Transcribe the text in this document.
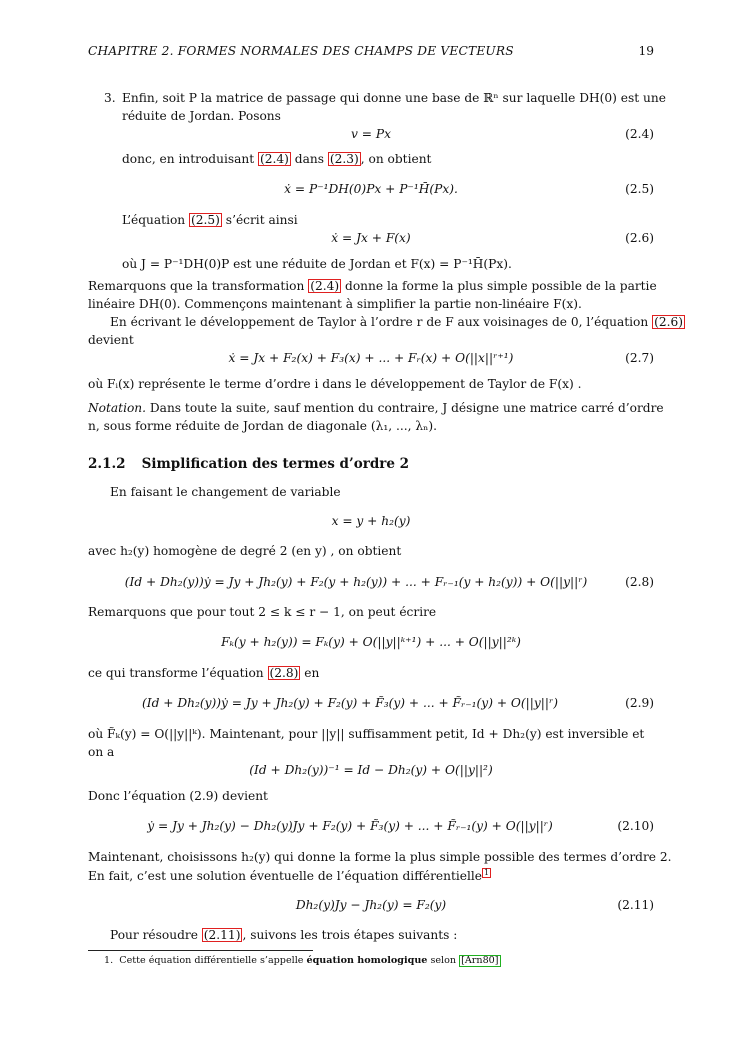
CHAPITRE 2. FORMES NORMALES DES CHAMPS DE VECTEURS	19
3. Enfin, soit P la matrice de passage qui donne une base de ℝⁿ sur laquelle DH(0) est une
réduite de Jordan. Posons
v = Px	(2.4)
donc, en introduisant (2.4) dans (2.3) , on obtient
ẋ = P⁻¹DH(0)Px + P⁻¹H̄(Px).	(2.5)
L’équation (2.5) s’écrit ainsi
ẋ = Jx + F(x)	(2.6)
où J = P⁻¹DH(0)P est une réduite de Jordan et F(x) = P⁻¹H̄(Px).
Remarquons que la transformation (2.4) donne la forme la plus simple possible de la partie
linéaire DH(0). Commençons maintenant à simplifier la partie non-linéaire F(x).
En écrivant le développement de Taylor à l’ordre r de F aux voisinages de 0, l’équation (2.6)
devient
ẋ = Jx + F₂(x) + F₃(x) + ... + Fᵣ(x) + O(||x||ʳ⁺¹)	(2.7)
où Fᵢ(x) représente le terme d’ordre i dans le développement de Taylor de F(x) .
Notation. Dans toute la suite, sauf mention du contraire, J désigne une matrice carré d’ordre
n, sous forme réduite de Jordan de diagonale (λ₁, ..., λₙ).
2.1.2 Simplification des termes d’ordre 2
En faisant le changement de variable
x = y + h₂(y)
avec h₂(y) homogène de degré 2 (en y) , on obtient
(Id + Dh₂(y))ẏ = Jy + Jh₂(y) + F₂(y + h₂(y)) + ... + Fᵣ₋₁(y + h₂(y)) + O(||y||ʳ)	(2.8)
Remarquons que pour tout 2 ≤ k ≤ r − 1, on peut écrire
Fₖ(y + h₂(y)) = Fₖ(y) + O(||y||ᵏ⁺¹) + ... + O(||y||²ᵏ)
ce qui transforme l’équation (2.8) en
(Id + Dh₂(y))ẏ = Jy + Jh₂(y) + F₂(y) + F̃₃(y) + ... + F̃ᵣ₋₁(y) + O(||y||ʳ)	(2.9)
où F̃ₖ(y) = O(||y||ᵏ). Maintenant, pour ||y|| suffisamment petit, Id + Dh₂(y) est inversible et
on a
(Id + Dh₂(y))⁻¹ = Id − Dh₂(y) + O(||y||²)
Donc l’équation (2.9) devient
ẏ = Jy + Jh₂(y) − Dh₂(y)Jy + F₂(y) + F̃₃(y) + ... + F̃ᵣ₋₁(y) + O(||y||ʳ)	(2.10)
Maintenant, choisissons h₂(y) qui donne la forme la plus simple possible des termes d’ordre 2.
En fait, c’est une solution éventuelle de l’équation différentielle $^1$
Dh₂(y)Jy − Jh₂(y) = F₂(y)	(2.11)
Pour résoudre (2.11) , suivons les trois étapes suivants :
1. Cette équation différentielle s’appelle équation homologique selon [Arn80]
